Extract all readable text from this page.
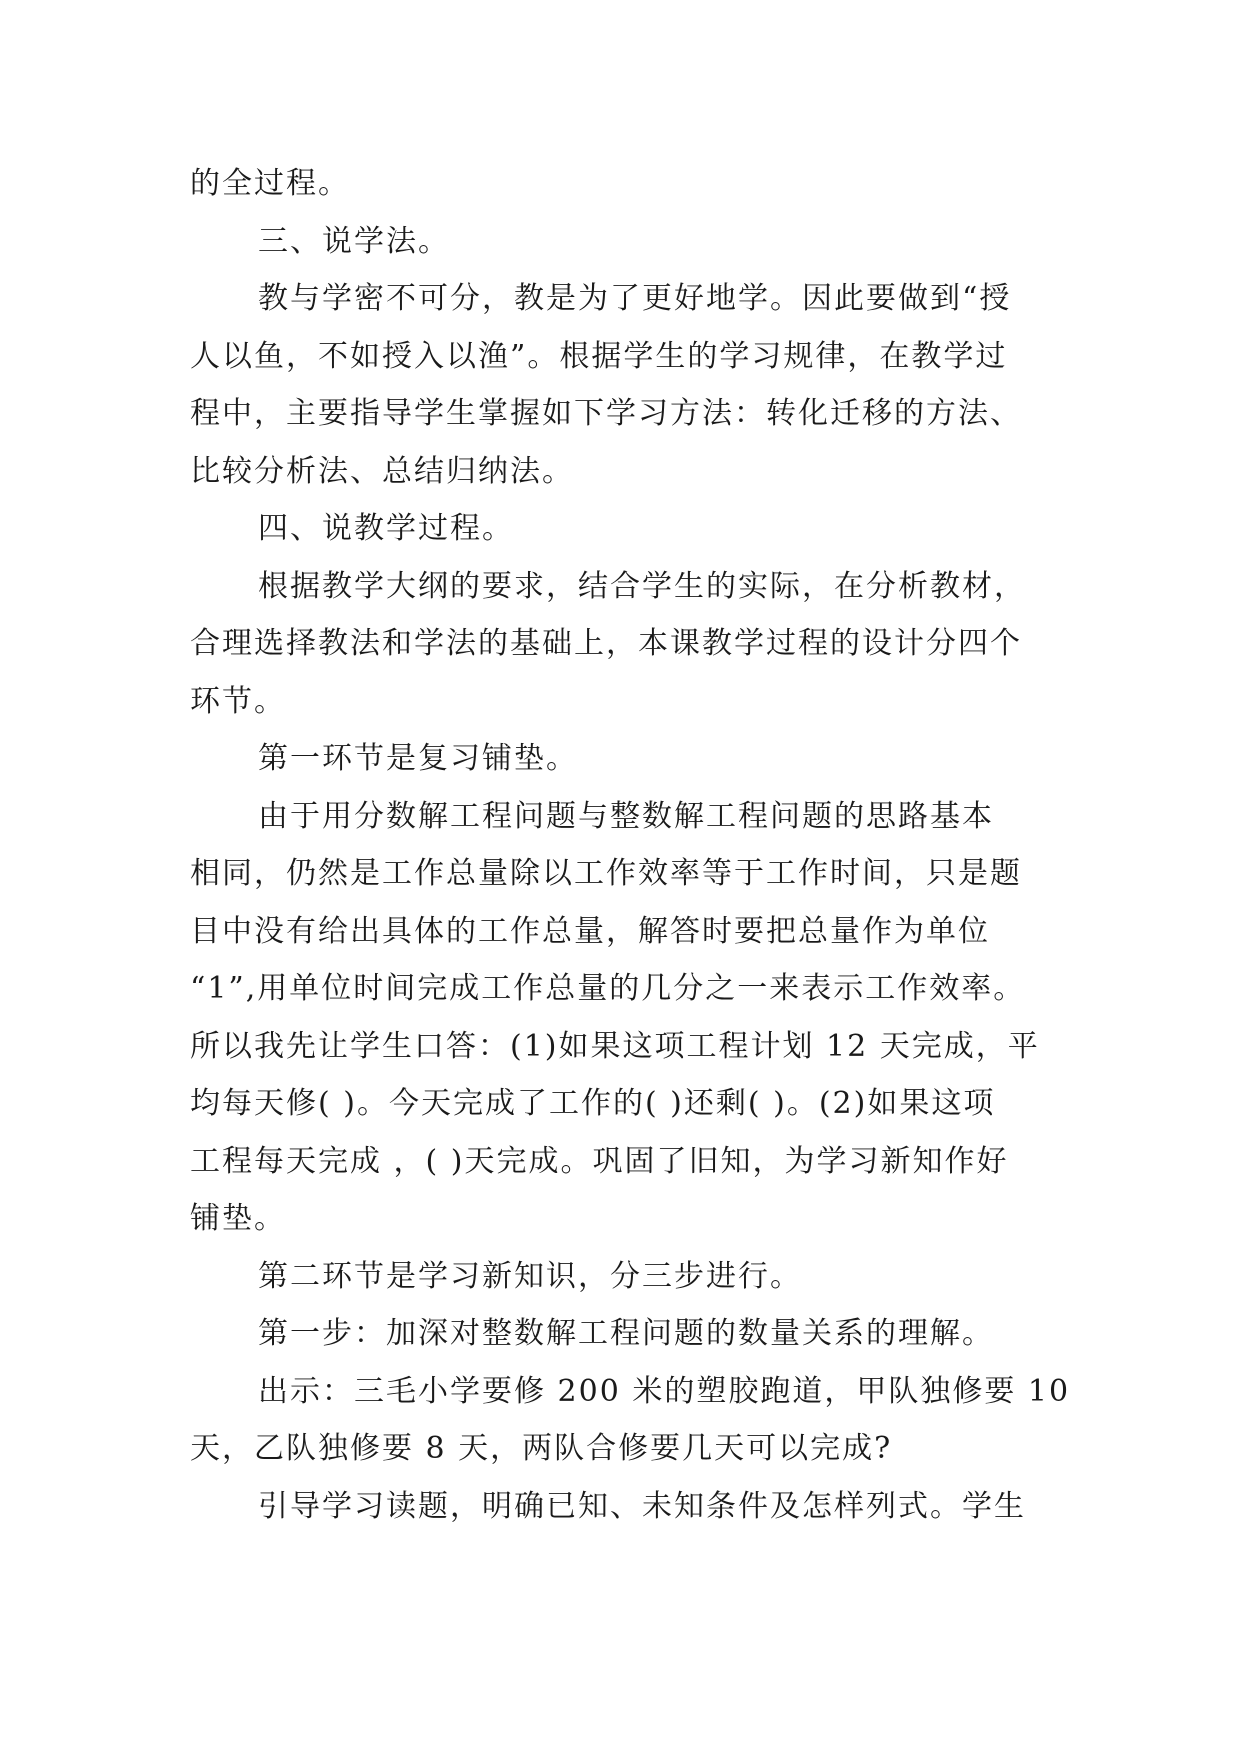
的全过程。

三、说学法。

教与学密不可分，教是为了更好地学。因此要做到“授

人以鱼，不如授入以渔”。根据学生的学习规律，在教学过

程中，主要指导学生掌握如下学习方法：转化迁移的方法、

比较分析法、总结归纳法。

四、说教学过程。

根据教学大纲的要求，结合学生的实际，在分析教材，

合理选择教法和学法的基础上，本课教学过程的设计分四个

环节。

第一环节是复习铺垫。

由于用分数解工程问题与整数解工程问题的思路基本

相同，仍然是工作总量除以工作效率等于工作时间，只是题

目中没有给出具体的工作总量，解答时要把总量作为单位

“1”,用单位时间完成工作总量的几分之一来表示工作效率。

所以我先让学生口答：(1)如果这项工程计划 12 天完成，平

均每天修( )。今天完成了工作的( )还剩( )。(2)如果这项

工程每天完成 ，( )天完成。巩固了旧知，为学习新知作好

铺垫。

第二环节是学习新知识，分三步进行。

第一步：加深对整数解工程问题的数量关系的理解。

出示：三毛小学要修 200 米的塑胶跑道，甲队独修要 10

天，乙队独修要 8 天，两队合修要几天可以完成?

引导学习读题，明确已知、未知条件及怎样列式。学生
